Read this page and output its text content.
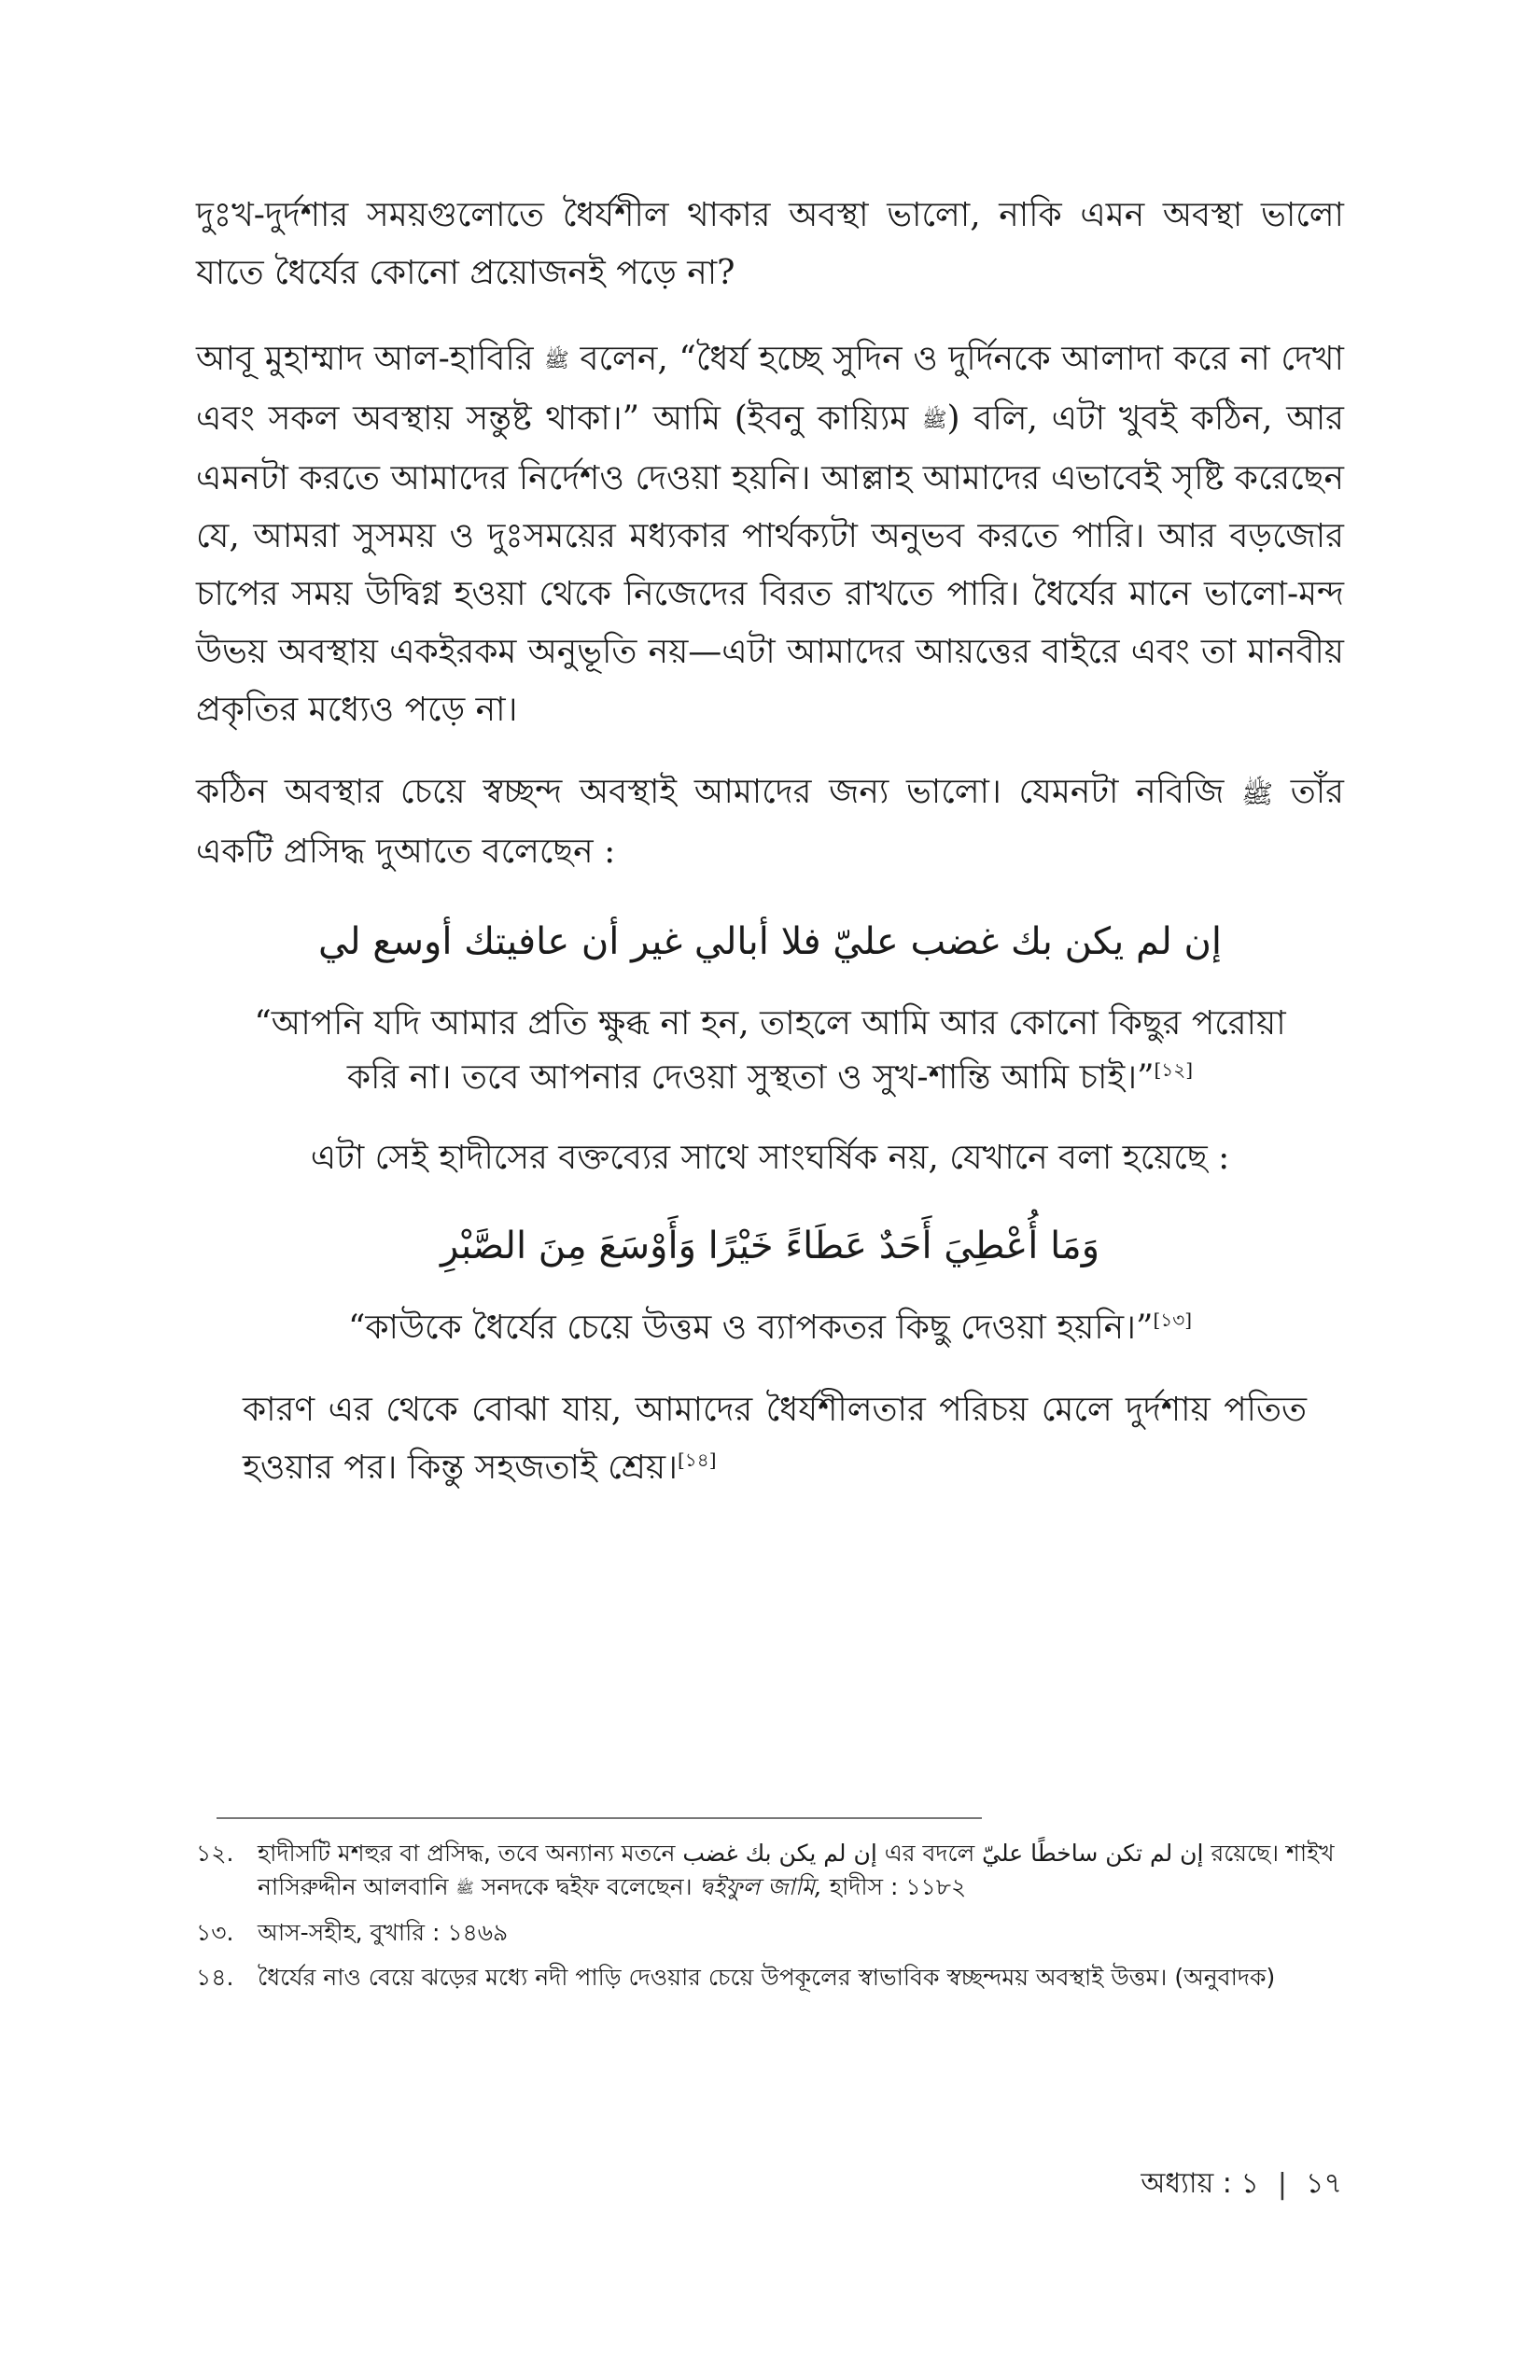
দুঃখ-দুর্দশার সময়গুলোতে ধৈর্যশীল থাকার অবস্থা ভালো, নাকি এমন অবস্থা ভালো যাতে ধৈর্যের কোনো প্রয়োজনই পড়ে না?

আবূ মুহাম্মাদ আল-হাবিরি ﷺ বলেন, “ধৈর্য হচ্ছে সুদিন ও দুর্দিনকে আলাদা করে না দেখা এবং সকল অবস্থায় সন্তুষ্ট থাকা।” আমি (ইবনু কায়্যিম ﷺ) বলি, এটা খুবই কঠিন, আর এমনটা করতে আমাদের নির্দেশও দেওয়া হয়নি। আল্লাহ আমাদের এভাবেই সৃষ্টি করেছেন যে, আমরা সুসময় ও দুঃসময়ের মধ্যকার পার্থক্যটা অনুভব করতে পারি। আর বড়জোর চাপের সময় উদ্বিগ্ন হওয়া থেকে নিজেদের বিরত রাখতে পারি। ধৈর্যের মানে ভালো-মন্দ উভয় অবস্থায় একইরকম অনুভূতি নয়—এটা আমাদের আয়ত্তের বাইরে এবং তা মানবীয় প্রকৃতির মধ্যেও পড়ে না।

কঠিন অবস্থার চেয়ে স্বচ্ছন্দ অবস্থাই আমাদের জন্য ভালো। যেমনটা নবিজি ﷺ তাঁর একটি প্রসিদ্ধ দুআতে বলেছেন :

إن لم يكن بك غضب عليّ فلا أبالي غير أن عافيتك أوسع لي

“আপনি যদি আমার প্রতি ক্ষুব্ধ না হন, তাহলে আমি আর কোনো কিছুর পরোয়া করি না। তবে আপনার দেওয়া সুস্থতা ও সুখ-শান্তি আমি চাই।”[১২]

এটা সেই হাদীসের বক্তব্যের সাথে সাংঘর্ষিক নয়, যেখানে বলা হয়েছে :

وَمَا أُعْطِيَ أَحَدٌ عَطَاءً خَيْرًا وَأَوْسَعَ مِنَ الصَّبْرِ

“কাউকে ধৈর্যের চেয়ে উত্তম ও ব্যাপকতর কিছু দেওয়া হয়নি।”[১৩]

কারণ এর থেকে বোঝা যায়, আমাদের ধৈর্যশীলতার পরিচয় মেলে দুর্দশায় পতিত হওয়ার পর। কিন্তু সহজতাই শ্রেয়।[১৪]

১২.	হাদীসটি মশহুর বা প্রসিদ্ধ, তবে অন্যান্য মতনে إن لم يكن بك غضب এর বদলে إن لم تكن ساخطًا عليّ রয়েছে। শাইখ নাসিরুদ্দীন আলবানি ﷺ সনদকে দ্বইফ বলেছেন। দ্বইফুল জামি, হাদীস : ১১৮২
১৩.	আস-সহীহ, বুখারি : ১৪৬৯
১৪.	ধৈর্যের নাও বেয়ে ঝড়ের মধ্যে নদী পাড়ি দেওয়ার চেয়ে উপকূলের স্বাভাবিক স্বচ্ছন্দময় অবস্থাই উত্তম। (অনুবাদক)
অধ্যায় : ১ | ১৭
